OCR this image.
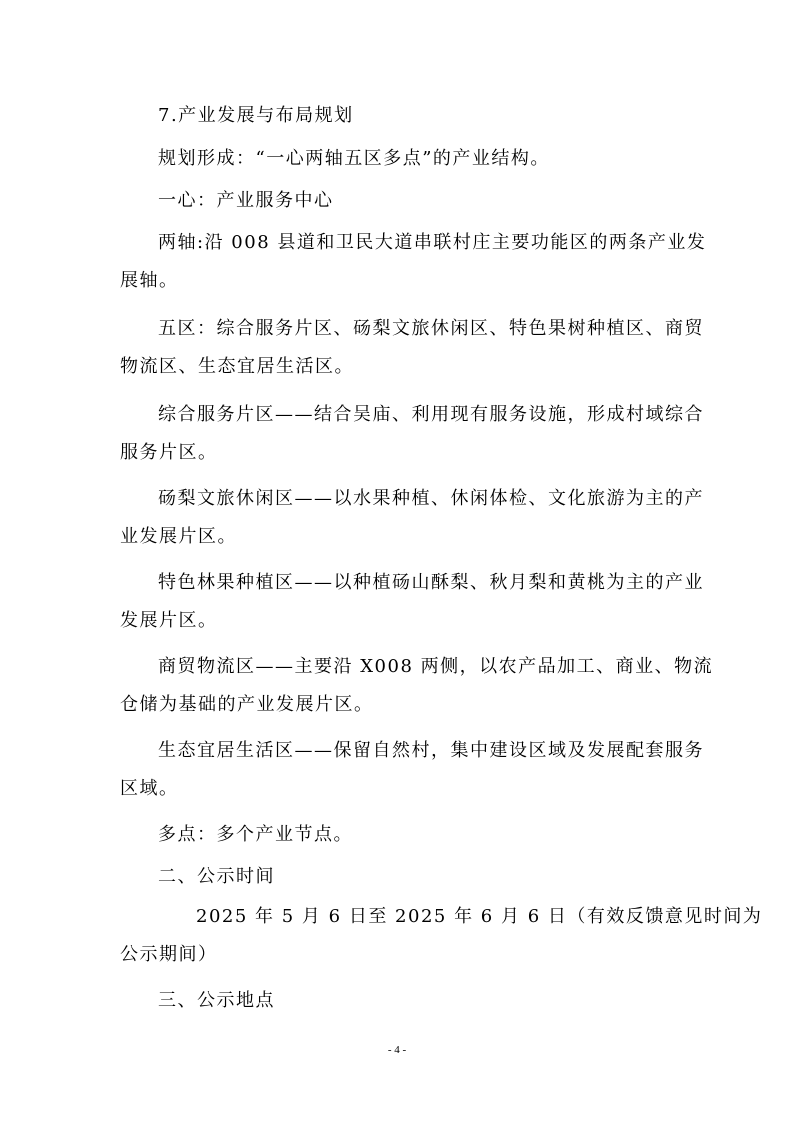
7.产业发展与布局规划

规划形成：“一心两轴五区多点”的产业结构。

一心：产业服务中心

两轴:沿 008 县道和卫民大道串联村庄主要功能区的两条产业发
展轴。

五区：综合服务片区、砀梨文旅休闲区、特色果树种植区、商贸
物流区、生态宜居生活区。

综合服务片区——结合吴庙、利用现有服务设施，形成村域综合
服务片区。

砀梨文旅休闲区——以水果种植、休闲体检、文化旅游为主的产
业发展片区。

特色林果种植区——以种植砀山酥梨、秋月梨和黄桃为主的产业
发展片区。

商贸物流区——主要沿 X008 两侧，以农产品加工、商业、物流
仓储为基础的产业发展片区。

生态宜居生活区——保留自然村，集中建设区域及发展配套服务
区域。

多点：多个产业节点。

二、公示时间

2025 年 5 月 6 日至 2025 年 6 月 6 日（有效反馈意见时间为
公示期间）

三、公示地点

- 4 -
